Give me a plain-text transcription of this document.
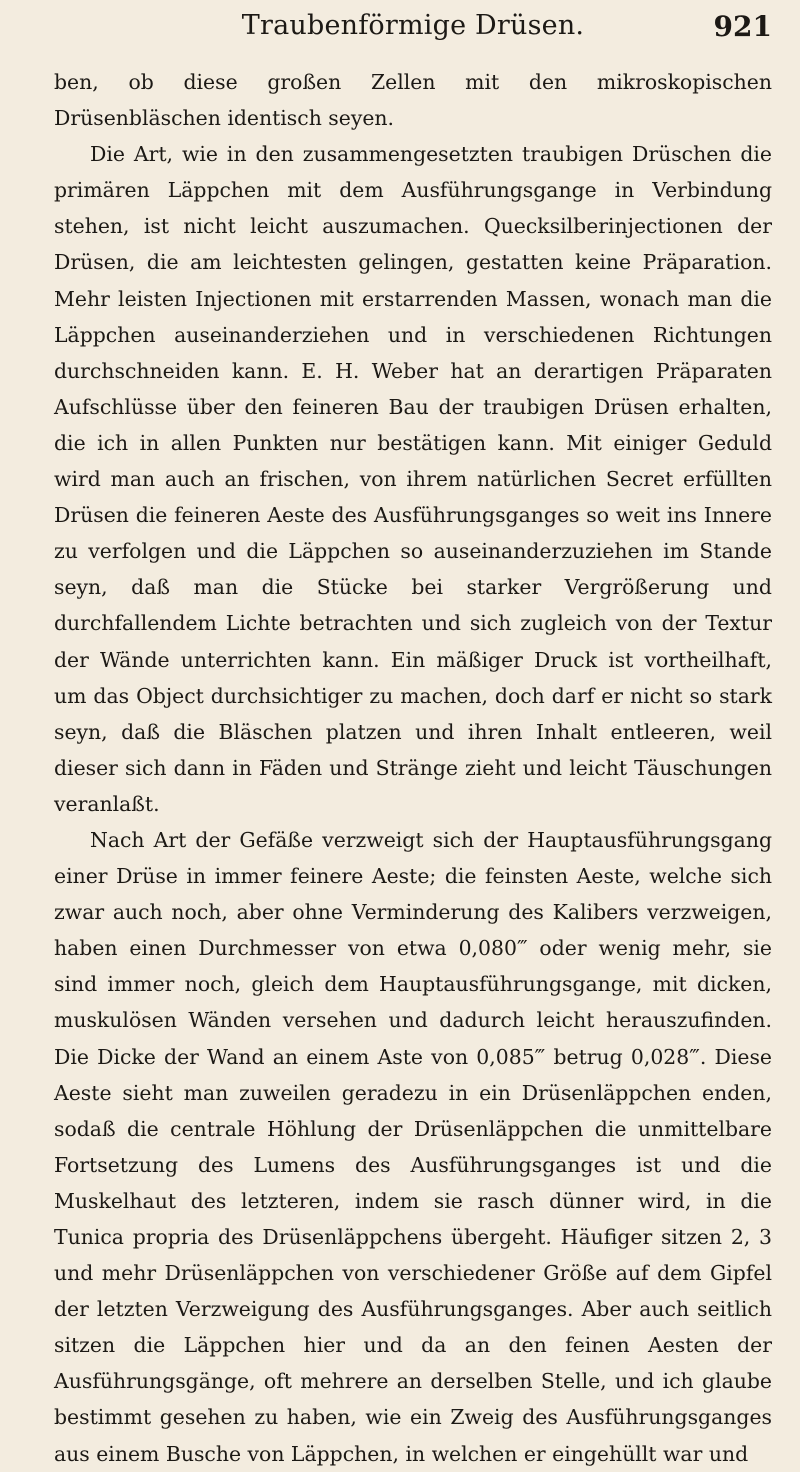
Traubenförmige Drüsen.	921

ben, ob diese großen Zellen mit den mikroskopischen Drüsenbläschen identisch seyen.

Die Art, wie in den zusammengesetzten traubigen Drüschen die primären Läppchen mit dem Ausführungsgange in Verbindung stehen, ist nicht leicht auszumachen. Quecksilberinjectionen der Drüsen, die am leichtesten gelingen, gestatten keine Präparation. Mehr leisten Injectionen mit erstarrenden Massen, wonach man die Läppchen auseinanderziehen und in verschiedenen Richtungen durchschneiden kann. E. H. Weber hat an derartigen Präparaten Aufschlüsse über den feineren Bau der traubigen Drüsen erhalten, die ich in allen Punkten nur bestätigen kann. Mit einiger Geduld wird man auch an frischen, von ihrem natürlichen Secret erfüllten Drüsen die feineren Aeste des Ausführungsganges so weit ins Innere zu verfolgen und die Läppchen so auseinanderzuziehen im Stande seyn, daß man die Stücke bei starker Vergrößerung und durchfallendem Lichte betrachten und sich zugleich von der Textur der Wände unterrichten kann. Ein mäßiger Druck ist vortheilhaft, um das Object durchsichtiger zu machen, doch darf er nicht so stark seyn, daß die Bläschen platzen und ihren Inhalt entleeren, weil dieser sich dann in Fäden und Stränge zieht und leicht Täuschungen veranlaßt.

Nach Art der Gefäße verzweigt sich der Hauptausführungsgang einer Drüse in immer feinere Aeste; die feinsten Aeste, welche sich zwar auch noch, aber ohne Verminderung des Kalibers verzweigen, haben einen Durchmesser von etwa 0,080‴ oder wenig mehr, sie sind immer noch, gleich dem Hauptausführungsgange, mit dicken, muskulösen Wänden versehen und dadurch leicht herauszufinden. Die Dicke der Wand an einem Aste von 0,085‴ betrug 0,028‴. Diese Aeste sieht man zuweilen geradezu in ein Drüsenläppchen enden, sodaß die centrale Höhlung der Drüsenläppchen die unmittelbare Fortsetzung des Lumens des Ausführungsganges ist und die Muskelhaut des letzteren, indem sie rasch dünner wird, in die Tunica propria des Drüsenläppchens übergeht. Häufiger sitzen 2, 3 und mehr Drüsenläppchen von verschiedener Größe auf dem Gipfel der letzten Verzweigung des Ausführungsganges. Aber auch seitlich sitzen die Läppchen hier und da an den feinen Aesten der Ausführungsgänge, oft mehrere an derselben Stelle, und ich glaube bestimmt gesehen zu haben, wie ein Zweig des Ausführungsganges aus einem Busche von Läppchen, in welchen er eingehüllt war und
